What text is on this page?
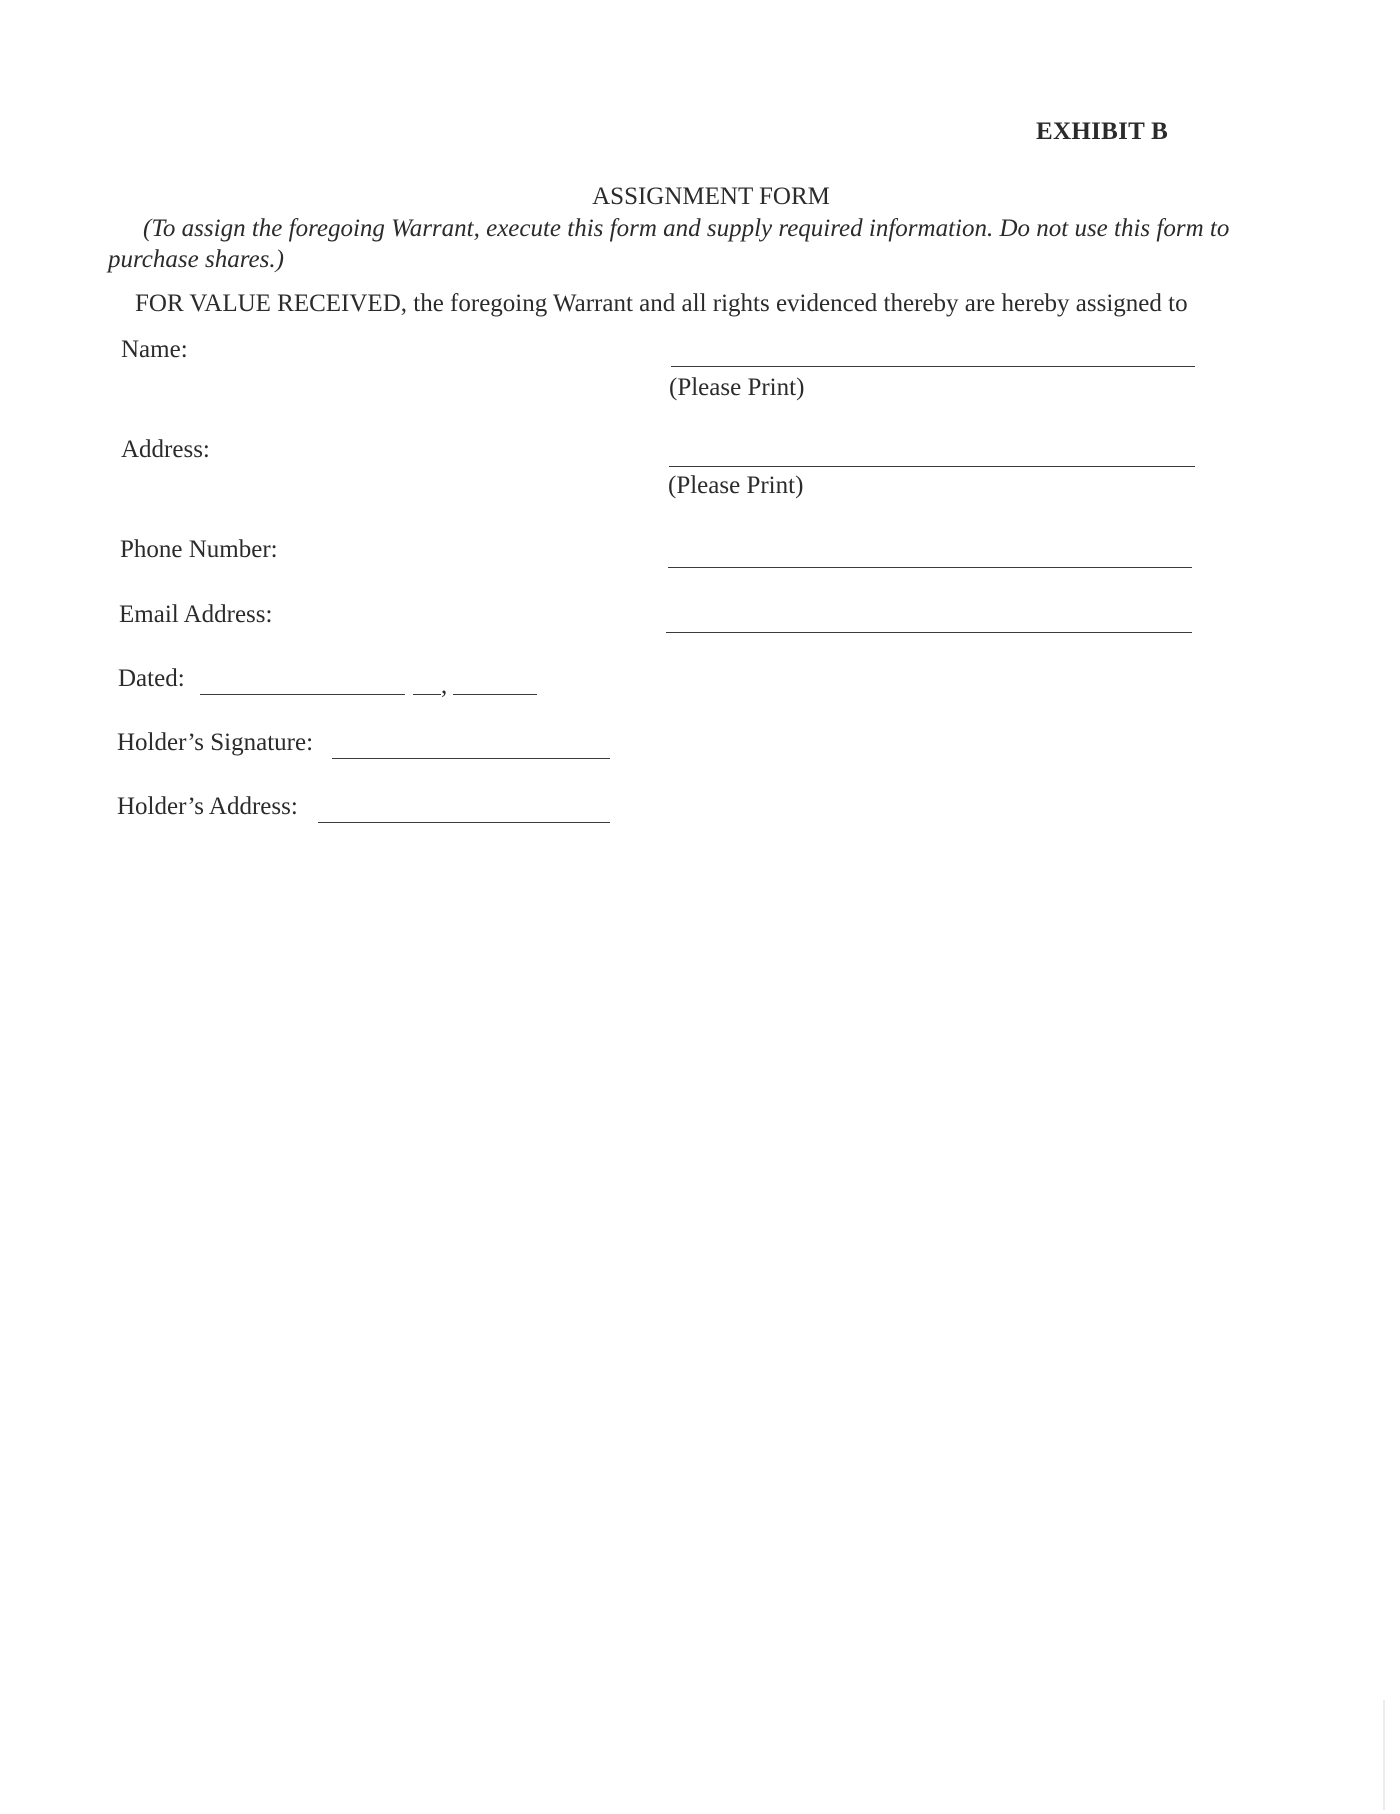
EXHIBIT B
ASSIGNMENT FORM
(To assign the foregoing Warrant, execute this form and supply required information. Do not use this form to purchase shares.)
FOR VALUE RECEIVED, the foregoing Warrant and all rights evidenced thereby are hereby assigned to
Name:
(Please Print)
Address:
(Please Print)
Phone Number:
Email Address:
Dated:	,
Holder’s Signature:
Holder’s Address:
